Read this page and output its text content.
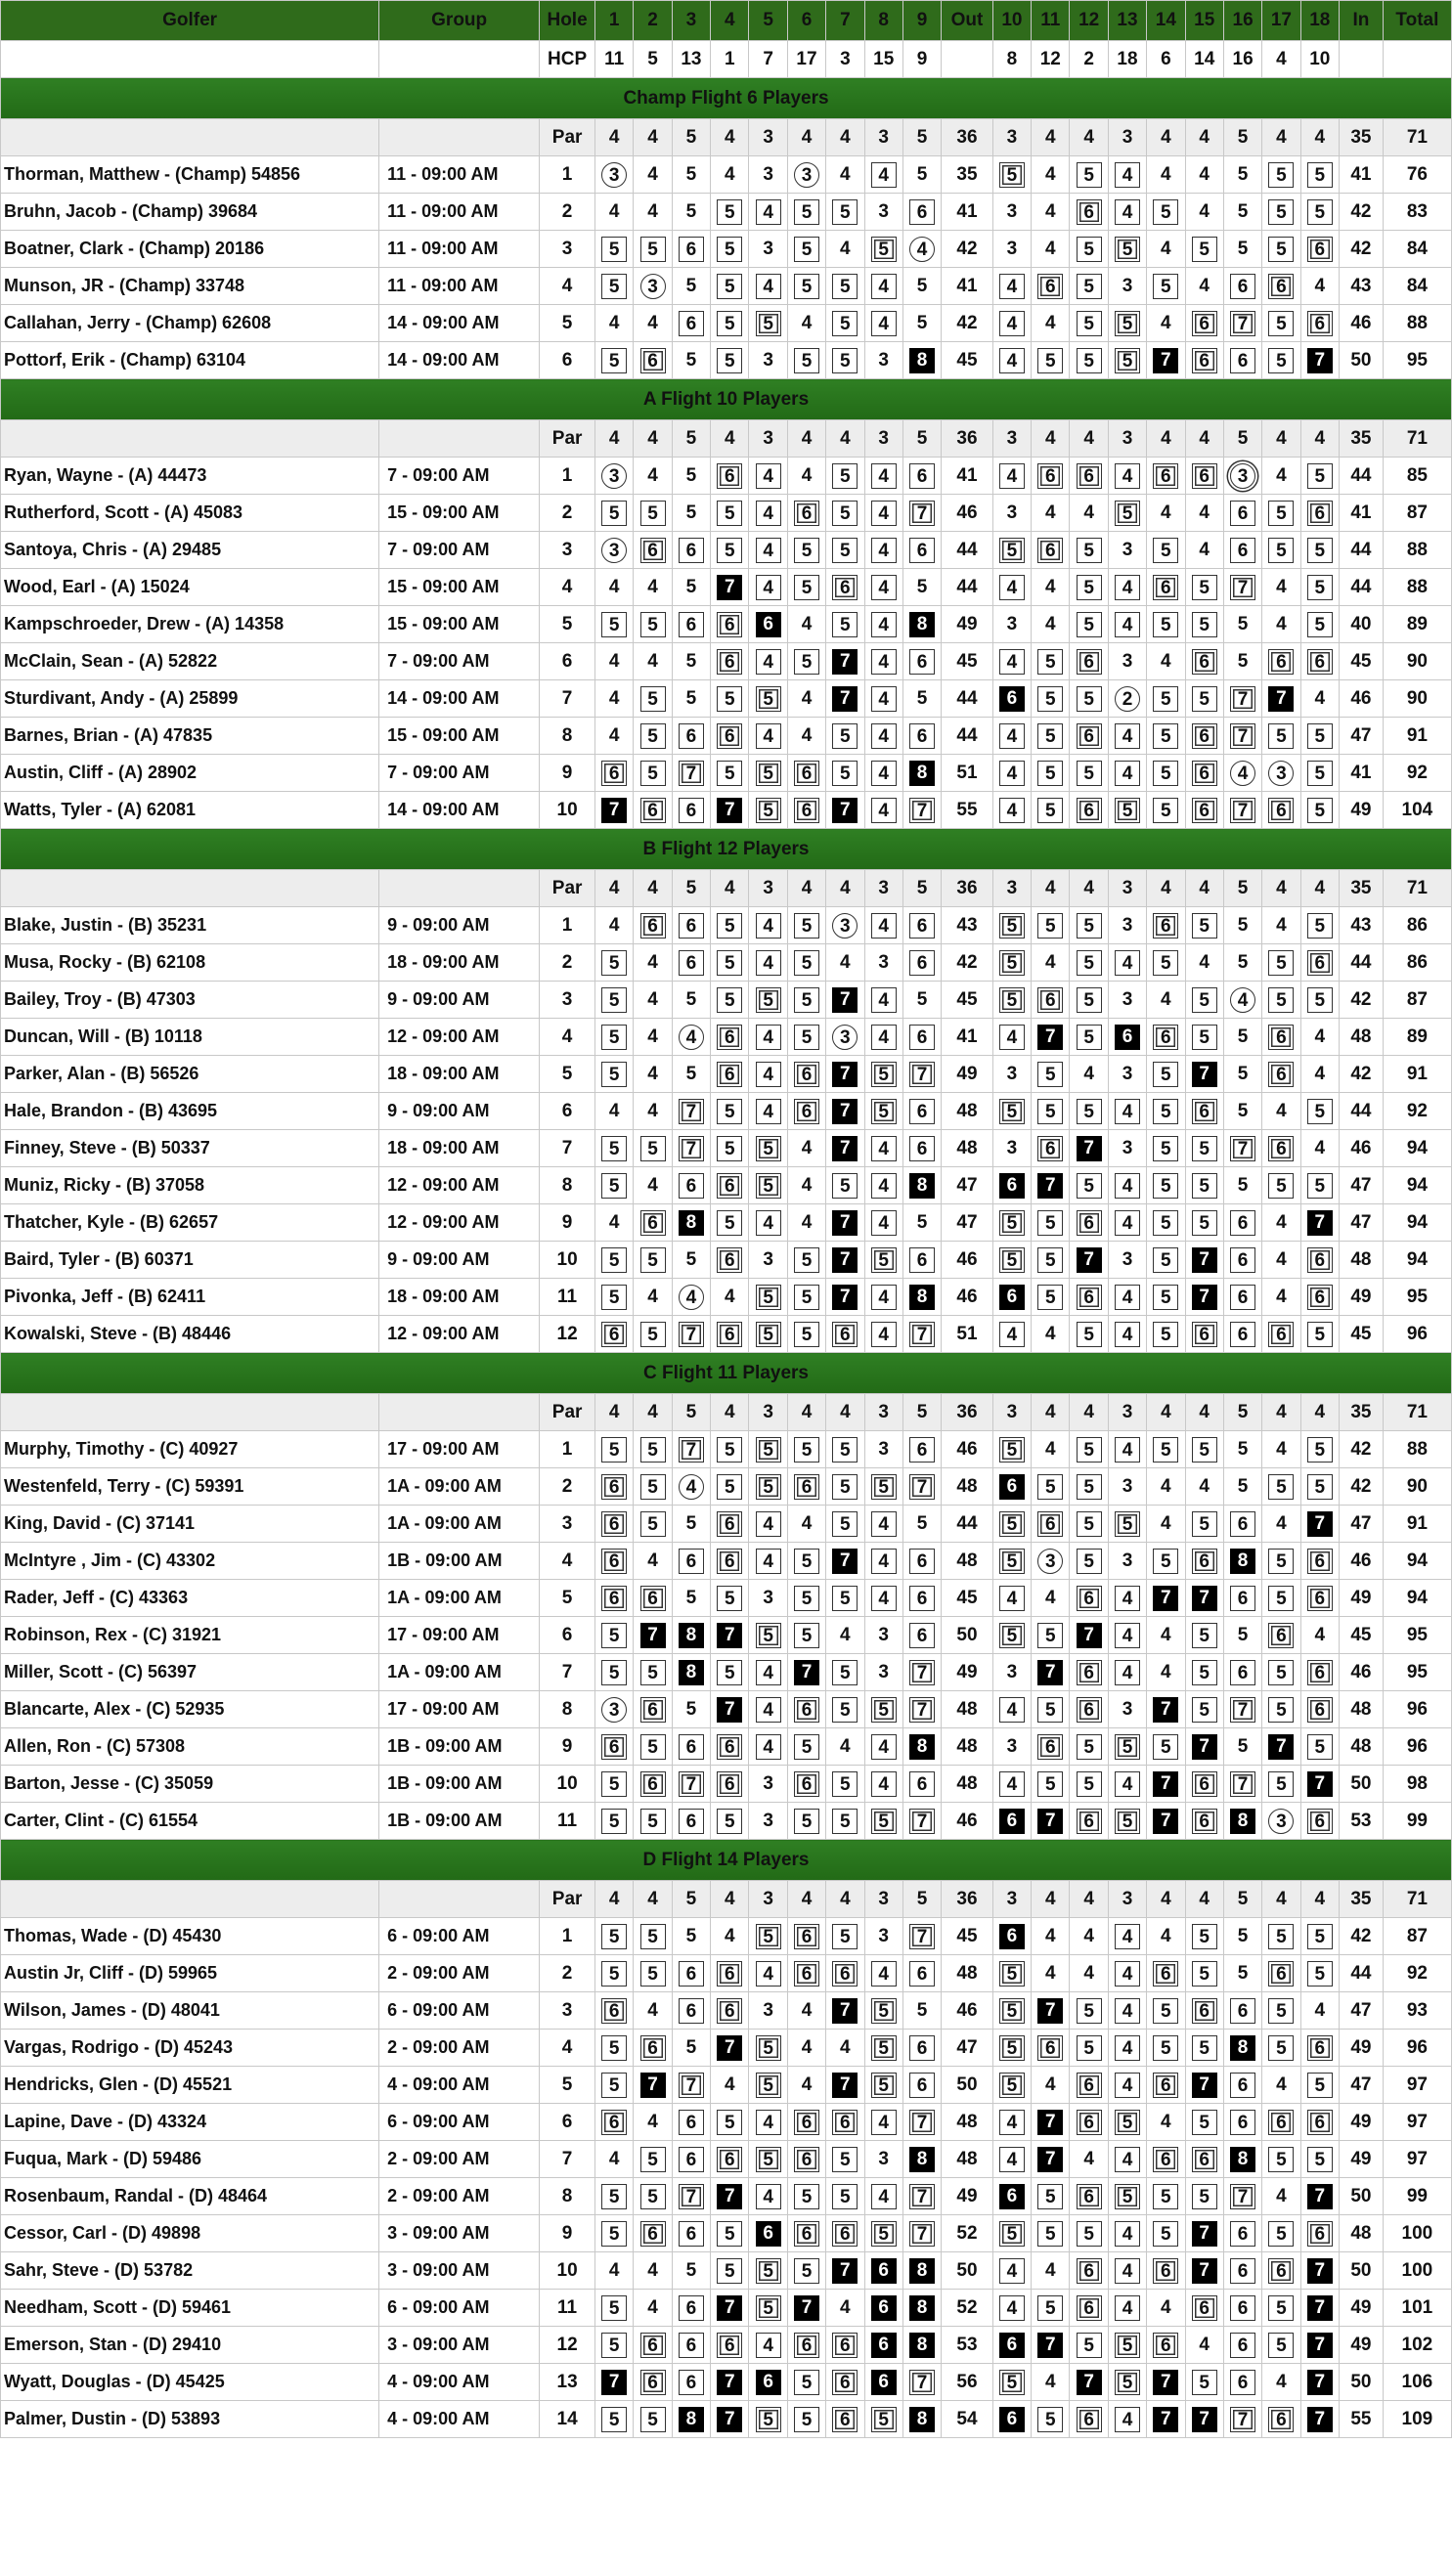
Golfer	Group	Hole	1	2	3	4	5	6	7	8	9	Out	10	11	12	13	14	15	16	17	18	In	Total
		HCP	11	5	13	1	7	17	3	15	9		8	12	2	18	6	14	16	4	10		
Champ Flight 6 Players																							
		Par	4	4	5	4	3	4	4	3	5	36	3	4	4	3	4	4	5	4	4	35	71
Thorman, Matthew - (Champ) 54856	11 - 09:00 AM	1	3	4	5	4	3	3	4	4	5	35	5	4	5	4	4	4	5	5	5	41	76
Bruhn, Jacob - (Champ) 39684	11 - 09:00 AM	2	4	4	5	5	4	5	5	3	6	41	3	4	6	4	5	4	5	5	5	42	83
Boatner, Clark - (Champ) 20186	11 - 09:00 AM	3	5	5	6	5	3	5	4	5	4	42	3	4	5	5	4	5	5	5	6	42	84
Munson, JR - (Champ) 33748	11 - 09:00 AM	4	5	3	5	5	4	5	5	4	5	41	4	6	5	3	5	4	6	6	4	43	84
Callahan, Jerry - (Champ) 62608	14 - 09:00 AM	5	4	4	6	5	5	4	5	4	5	42	4	4	5	5	4	6	7	5	6	46	88
Pottorf, Erik - (Champ) 63104	14 - 09:00 AM	6	5	6	5	5	3	5	5	3	8	45	4	5	5	5	7	6	6	5	7	50	95
A Flight 10 Players																							
		Par	4	4	5	4	3	4	4	3	5	36	3	4	4	3	4	4	5	4	4	35	71
Ryan, Wayne - (A) 44473	7 - 09:00 AM	1	3	4	5	6	4	4	5	4	6	41	4	6	6	4	6	6	3	4	5	44	85
Rutherford, Scott - (A) 45083	15 - 09:00 AM	2	5	5	5	5	4	6	5	4	7	46	3	4	4	5	4	4	6	5	6	41	87
Santoya, Chris - (A) 29485	7 - 09:00 AM	3	3	6	6	5	4	5	5	4	6	44	5	6	5	3	5	4	6	5	5	44	88
Wood, Earl - (A) 15024	15 - 09:00 AM	4	4	4	5	7	4	5	6	4	5	44	4	4	5	4	6	5	7	4	5	44	88
Kampschroeder, Drew - (A) 14358	15 - 09:00 AM	5	5	5	6	6	6	4	5	4	8	49	3	4	5	4	5	5	5	4	5	40	89
McClain, Sean - (A) 52822	7 - 09:00 AM	6	4	4	5	6	4	5	7	4	6	45	4	5	6	3	4	6	5	6	6	45	90
Sturdivant, Andy - (A) 25899	14 - 09:00 AM	7	4	5	5	5	5	4	7	4	5	44	6	5	5	2	5	5	7	7	4	46	90
Barnes, Brian - (A) 47835	15 - 09:00 AM	8	4	5	6	6	4	4	5	4	6	44	4	5	6	4	5	6	7	5	5	47	91
Austin, Cliff - (A) 28902	7 - 09:00 AM	9	6	5	7	5	5	6	5	4	8	51	4	5	5	4	5	6	4	3	5	41	92
Watts, Tyler - (A) 62081	14 - 09:00 AM	10	7	6	6	7	5	6	7	4	7	55	4	5	6	5	5	6	7	6	5	49	104
B Flight 12 Players																							
		Par	4	4	5	4	3	4	4	3	5	36	3	4	4	3	4	4	5	4	4	35	71
Blake, Justin - (B) 35231	9 - 09:00 AM	1	4	6	6	5	4	5	3	4	6	43	5	5	5	3	6	5	5	4	5	43	86
Musa, Rocky - (B) 62108	18 - 09:00 AM	2	5	4	6	5	4	5	4	3	6	42	5	4	5	4	5	4	5	5	6	44	86
Bailey, Troy - (B) 47303	9 - 09:00 AM	3	5	4	5	5	5	5	7	4	5	45	5	6	5	3	4	5	4	5	5	42	87
Duncan, Will - (B) 10118	12 - 09:00 AM	4	5	4	4	6	4	5	3	4	6	41	4	7	5	6	6	5	5	6	4	48	89
Parker, Alan - (B) 56526	18 - 09:00 AM	5	5	4	5	6	4	6	7	5	7	49	3	5	4	3	5	7	5	6	4	42	91
Hale, Brandon - (B) 43695	9 - 09:00 AM	6	4	4	7	5	4	6	7	5	6	48	5	5	5	4	5	6	5	4	5	44	92
Finney, Steve - (B) 50337	18 - 09:00 AM	7	5	5	7	5	5	4	7	4	6	48	3	6	7	3	5	5	7	6	4	46	94
Muniz, Ricky - (B) 37058	12 - 09:00 AM	8	5	4	6	6	5	4	5	4	8	47	6	7	5	4	5	5	5	5	5	47	94
Thatcher, Kyle - (B) 62657	12 - 09:00 AM	9	4	6	8	5	4	4	7	4	5	47	5	5	6	4	5	5	6	4	7	47	94
Baird, Tyler - (B) 60371	9 - 09:00 AM	10	5	5	5	6	3	5	7	5	6	46	5	5	7	3	5	7	6	4	6	48	94
Pivonka, Jeff - (B) 62411	18 - 09:00 AM	11	5	4	4	4	5	5	7	4	8	46	6	5	6	4	5	7	6	4	6	49	95
Kowalski, Steve - (B) 48446	12 - 09:00 AM	12	6	5	7	6	5	5	6	4	7	51	4	4	5	4	5	6	6	6	5	45	96
C Flight 11 Players																							
		Par	4	4	5	4	3	4	4	3	5	36	3	4	4	3	4	4	5	4	4	35	71
Murphy, Timothy - (C) 40927	17 - 09:00 AM	1	5	5	7	5	5	5	5	3	6	46	5	4	5	4	5	5	5	4	5	42	88
Westenfeld, Terry - (C) 59391	1A - 09:00 AM	2	6	5	4	5	5	6	5	5	7	48	6	5	5	3	4	4	5	5	5	42	90
King, David - (C) 37141	1A - 09:00 AM	3	6	5	5	6	4	4	5	4	5	44	5	6	5	5	4	5	6	4	7	47	91
McIntyre , Jim - (C) 43302	1B - 09:00 AM	4	6	4	6	6	4	5	7	4	6	48	5	3	5	3	5	6	8	5	6	46	94
Rader, Jeff - (C) 43363	1A - 09:00 AM	5	6	6	5	5	3	5	5	4	6	45	4	4	6	4	7	7	6	5	6	49	94
Robinson, Rex - (C) 31921	17 - 09:00 AM	6	5	7	8	7	5	5	4	3	6	50	5	5	7	4	4	5	5	6	4	45	95
Miller, Scott - (C) 56397	1A - 09:00 AM	7	5	5	8	5	4	7	5	3	7	49	3	7	6	4	4	5	6	5	6	46	95
Blancarte, Alex - (C) 52935	17 - 09:00 AM	8	3	6	5	7	4	6	5	5	7	48	4	5	6	3	7	5	7	5	6	48	96
Allen, Ron - (C) 57308	1B - 09:00 AM	9	6	5	6	6	4	5	4	4	8	48	3	6	5	5	5	7	5	7	5	48	96
Barton, Jesse - (C) 35059	1B - 09:00 AM	10	5	6	7	6	3	6	5	4	6	48	4	5	5	4	7	6	7	5	7	50	98
Carter, Clint - (C) 61554	1B - 09:00 AM	11	5	5	6	5	3	5	5	5	7	46	6	7	6	5	7	6	8	3	6	53	99
D Flight 14 Players																							
		Par	4	4	5	4	3	4	4	3	5	36	3	4	4	3	4	4	5	4	4	35	71
Thomas, Wade - (D) 45430	6 - 09:00 AM	1	5	5	5	4	5	6	5	3	7	45	6	4	4	4	4	5	5	5	5	42	87
Austin Jr, Cliff - (D) 59965	2 - 09:00 AM	2	5	5	6	6	4	6	6	4	6	48	5	4	4	4	6	5	5	6	5	44	92
Wilson, James - (D) 48041	6 - 09:00 AM	3	6	4	6	6	3	4	7	5	5	46	5	7	5	4	5	6	6	5	4	47	93
Vargas, Rodrigo - (D) 45243	2 - 09:00 AM	4	5	6	5	7	5	4	4	5	6	47	5	6	5	4	5	5	8	5	6	49	96
Hendricks, Glen - (D) 45521	4 - 09:00 AM	5	5	7	7	4	5	4	7	5	6	50	5	4	6	4	6	7	6	4	5	47	97
Lapine, Dave - (D) 43324	6 - 09:00 AM	6	6	4	6	5	4	6	6	4	7	48	4	7	6	5	4	5	6	6	6	49	97
Fuqua, Mark - (D) 59486	2 - 09:00 AM	7	4	5	6	6	5	6	5	3	8	48	4	7	4	4	6	6	8	5	5	49	97
Rosenbaum, Randal - (D) 48464	2 - 09:00 AM	8	5	5	7	7	4	5	5	4	7	49	6	5	6	5	5	5	7	4	7	50	99
Cessor, Carl - (D) 49898	3 - 09:00 AM	9	5	6	6	5	6	6	6	5	7	52	5	5	5	4	5	7	6	5	6	48	100
Sahr, Steve - (D) 53782	3 - 09:00 AM	10	4	4	5	5	5	5	7	6	8	50	4	4	6	4	6	7	6	6	7	50	100
Needham, Scott - (D) 59461	6 - 09:00 AM	11	5	4	6	7	5	7	4	6	8	52	4	5	6	4	4	6	6	5	7	49	101
Emerson, Stan - (D) 29410	3 - 09:00 AM	12	5	6	6	6	4	6	6	6	8	53	6	7	5	5	6	4	6	5	7	49	102
Wyatt, Douglas - (D) 45425	4 - 09:00 AM	13	7	6	6	7	6	5	6	6	7	56	5	4	7	5	7	5	6	4	7	50	106
Palmer, Dustin - (D) 53893	4 - 09:00 AM	14	5	5	8	7	5	5	6	5	8	54	6	5	6	4	7	7	7	6	7	55	109
